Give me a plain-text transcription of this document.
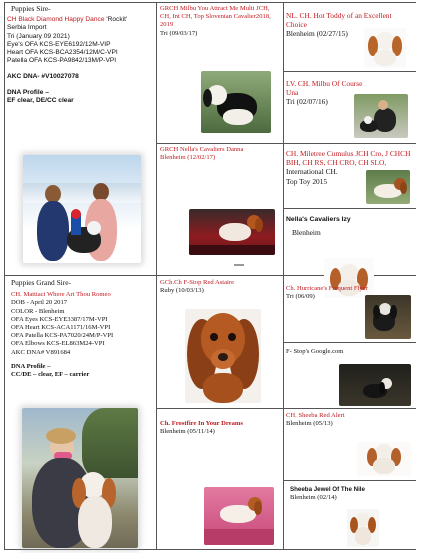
Puppies Sire-
CH Black Diamond Happy Dance 'Rockit'
Serbia Import
Tri (January 09 2021)
Eye's OFA KCS-EYE6192/12M-VIP
Heart OFA KCS-BCA2354/12M/C-VPI
Patella OFA KCS-PA9842/13M/P-VPI
AKC DNA- #V10027078
DNA Profile –
EF clear, DE/CC clear
GRCH Milbu You Attract Me Multi JCH, CH, Int CH, Top Slovenian Cavalier2018, 2019
Tri (09/03/17)
GRCH Nella's Cavaliers Danna
Blenheim (12/02/17)
NL. CH. Hot Toddy of an Excellent Choice
Blenheim (02/27/15)
LV. CH. Milbu Of Course Una
Tri (02/07/16)
CH. Miletree Cumulus JCH Cro, J CHCH BIH, CH RS, CH CRO, CH SLO,
International CH.
Top Toy 2015
Nella's Cavaliers Izy
Blenheim
Puppies Grand Sire-
CH. Mattiaci Where Art Thou Romeo
DOB - April 20 2017
COLOR - Blenheim
OFA Eyes KCS-EYE3387/17M-VPI
OFA Heart KCS-ACA1171/16M-VPI
OFA Patella KCS-PA7020/24M/P-VPI
OFA Elbows KCS-EL863M24-VPI
AKC DNA# V891684
DNA Profile –
CC/DE – clear, EF – carrier
GCh.Ch F-Stop Red Astaire
Ruby (10/03/13)
Ch. Frostfire In Your Dreams
Blenheim (05/11/14)
Ch. Hurricane's Frequent Flyer
Tri (06/09)
F- Stop's Google.com
CH. Sheeba Red Alert
Blenheim (05/13)
Sheeba Jewel Of The Nile
Blenheim (02/14)
